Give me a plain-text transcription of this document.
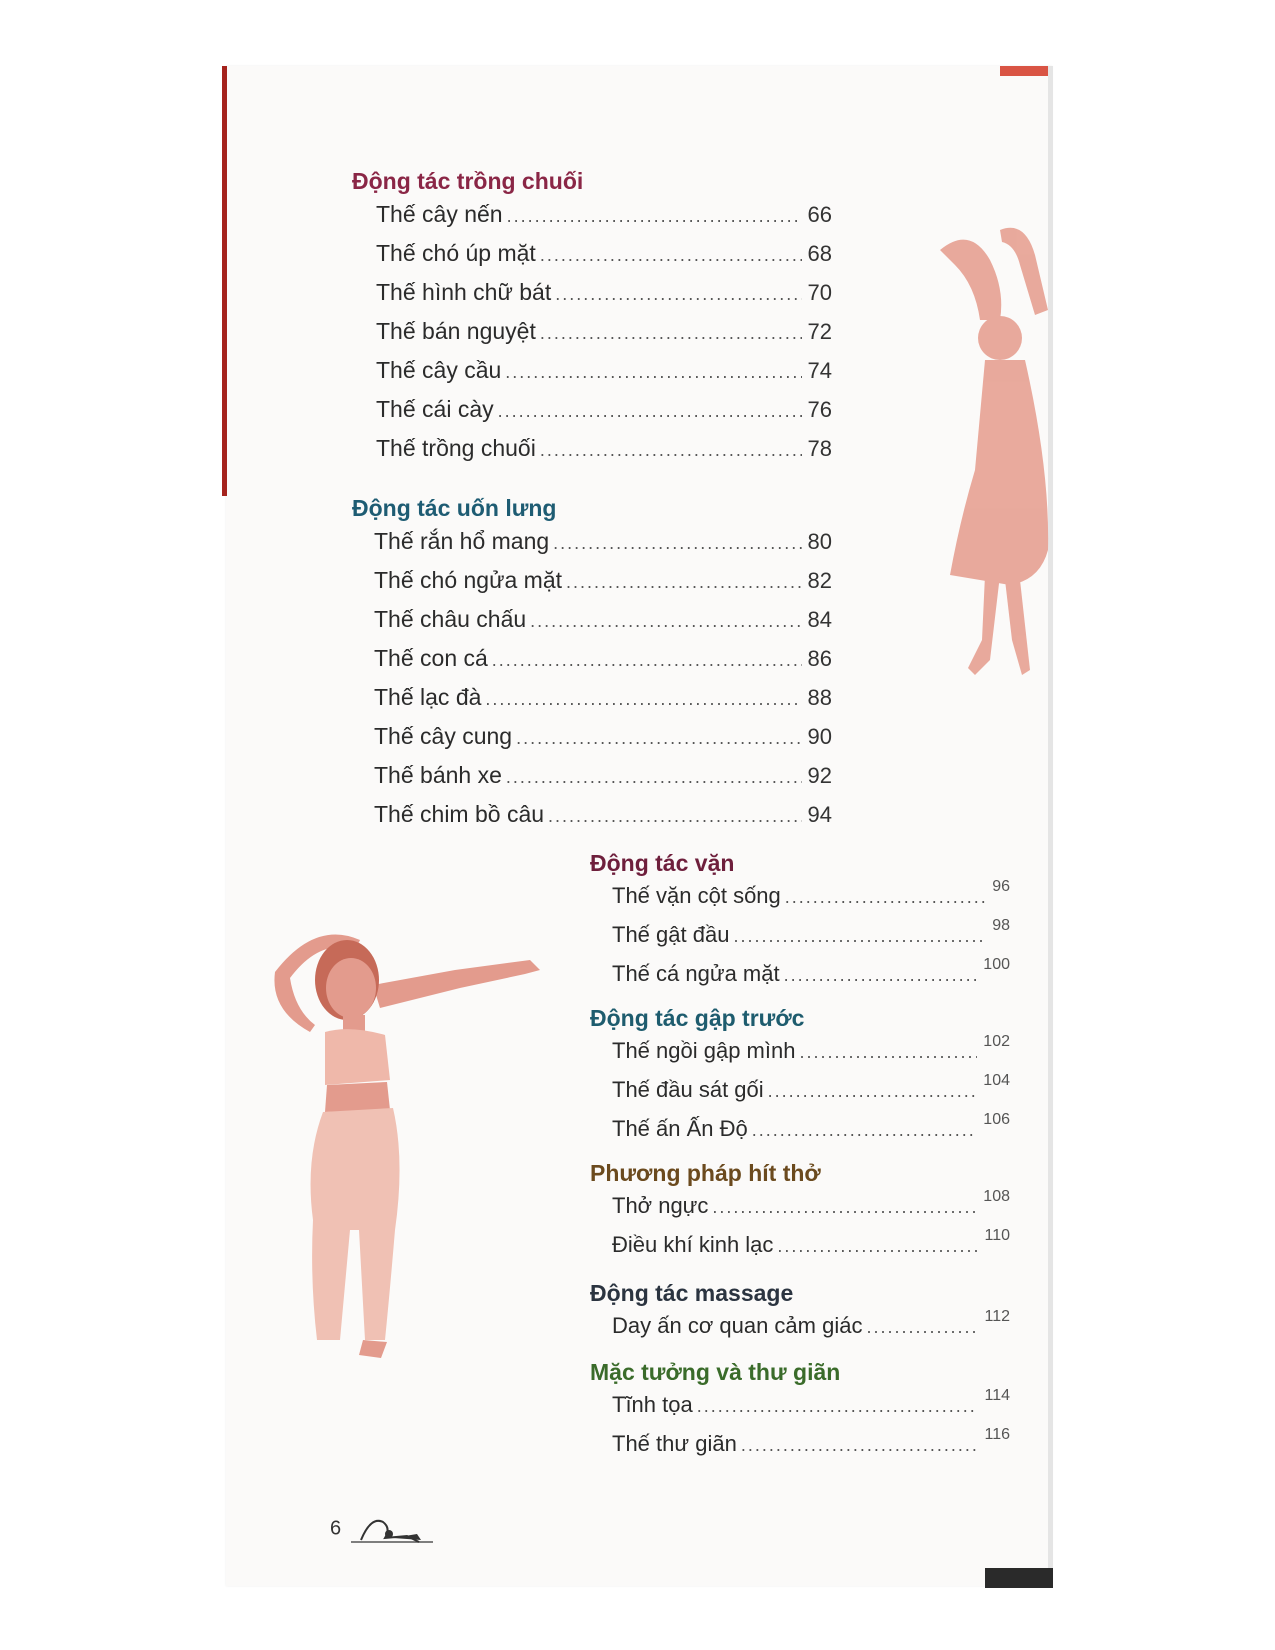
Động tác trồng chuối
Thế cây nến .....	66
Thế chó úp mặt .....	68
Thế hình chữ bát .....	70
Thế bán nguyệt .....	72
Thế cây cầu .....	74
Thế cái cày .....	76
Thế trồng chuối .....	78
Động tác uốn lưng
Thế rắn hổ mang .....	80
Thế chó ngửa mặt .....	82
Thế châu chấu .....	84
Thế con cá .....	86
Thế lạc đà .....	88
Thế cây cung .....	90
Thế bánh xe .....	92
Thế chim bồ câu .....	94
Động tác vặn
Thế vặn cột sống .....	96
Thế gật đầu .....	98
Thế cá ngửa mặt .....	100
Động tác gập trước
Thế ngồi gập mình .....	102
Thế đầu sát gối .....	104
Thế ấn Ấn Độ .....	106
Phương pháp hít thở
Thở ngực .....	108
Điều khí kinh lạc .....	110
Động tác massage
Day ấn cơ quan cảm giác .....	112
Mặc tưởng và thư giãn
Tĩnh tọa .....	114
Thế thư giãn .....	116
6
